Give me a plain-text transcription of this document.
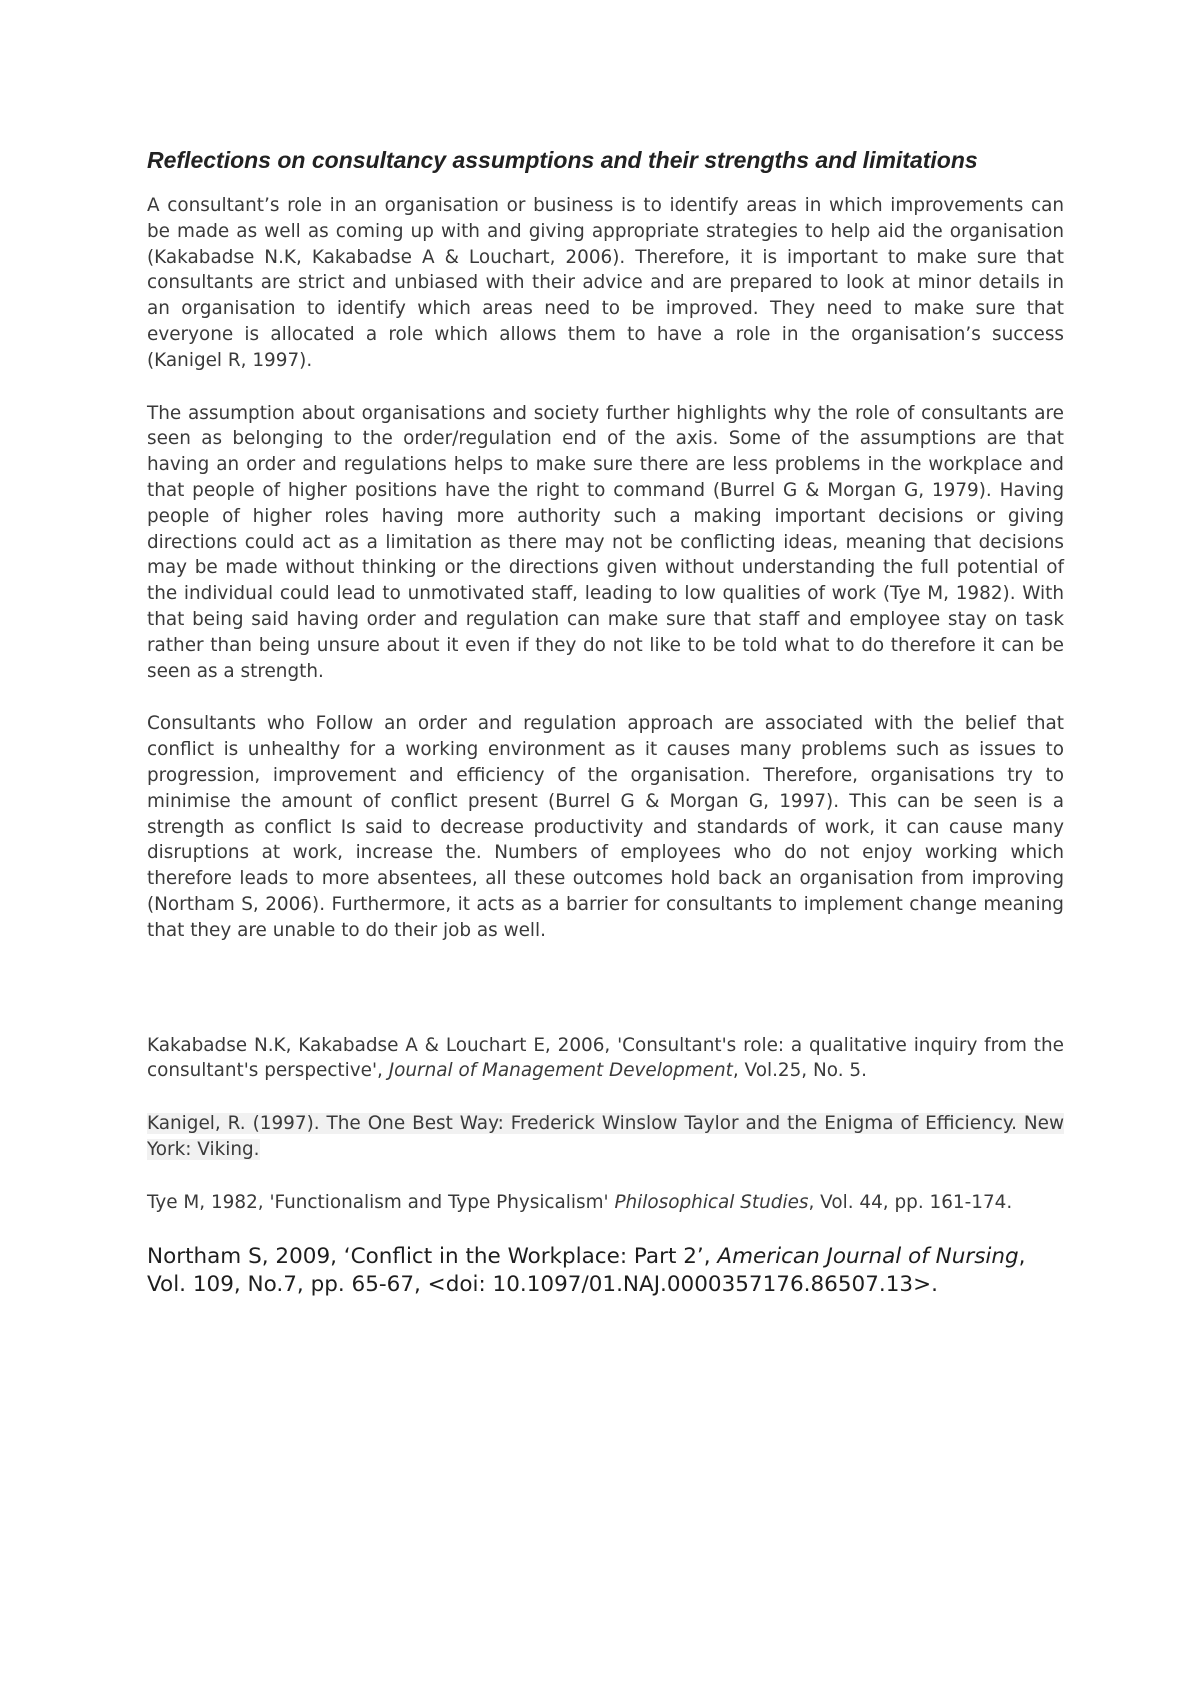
Reflections on consultancy assumptions and their strengths and limitations

A consultant’s role in an organisation or business is to identify areas in which improvements can be made as well as coming up with and giving appropriate strategies to help aid the organisation (Kakabadse N.K, Kakabadse A & Louchart, 2006). Therefore, it is important to make sure that consultants are strict and unbiased with their advice and are prepared to look at minor details in an organisation to identify which areas need to be improved. They need to make sure that everyone is allocated a role which allows them to have a role in the organisation’s success (Kanigel R, 1997).

The assumption about organisations and society further highlights why the role of consultants are seen as belonging to the order/regulation end of the axis. Some of the assumptions are that having an order and regulations helps to make sure there are less problems in the workplace and that people of higher positions have the right to command (Burrel G & Morgan G, 1979). Having people of higher roles having more authority such a making important decisions or giving directions could act as a limitation as there may not be conflicting ideas, meaning that decisions may be made without thinking or the directions given without understanding the full potential of the individual could lead to unmotivated staff, leading to low qualities of work (Tye M, 1982). With that being said having order and regulation can make sure that staff and employee stay on task rather than being unsure about it even if they do not like to be told what to do therefore it can be seen as a strength.

Consultants who Follow an order and regulation approach are associated with the belief that conflict is unhealthy for a working environment as it causes many problems such as issues to progression, improvement and efficiency of the organisation. Therefore, organisations try to minimise the amount of conflict present (Burrel G & Morgan G, 1997). This can be seen is a strength as conflict Is said to decrease productivity and standards of work, it can cause many disruptions at work, increase the. Numbers of employees who do not enjoy working which therefore leads to more absentees, all these outcomes hold back an organisation from improving (Northam S, 2006). Furthermore, it acts as a barrier for consultants to implement change meaning that they are unable to do their job as well.

Kakabadse N.K, Kakabadse A & Louchart E, 2006, 'Consultant's role: a qualitative inquiry from the consultant's perspective', Journal of Management Development, Vol.25, No. 5.

Kanigel, R. (1997). The One Best Way: Frederick Winslow Taylor and the Enigma of Efficiency. New York: Viking.

Tye M, 1982, 'Functionalism and Type Physicalism' Philosophical Studies, Vol. 44, pp. 161-174.

Northam S, 2009, ‘Conflict in the Workplace: Part 2’, American Journal of Nursing, Vol. 109, No.7, pp. 65-67, <doi: 10.1097/01.NAJ.0000357176.86507.13>.
